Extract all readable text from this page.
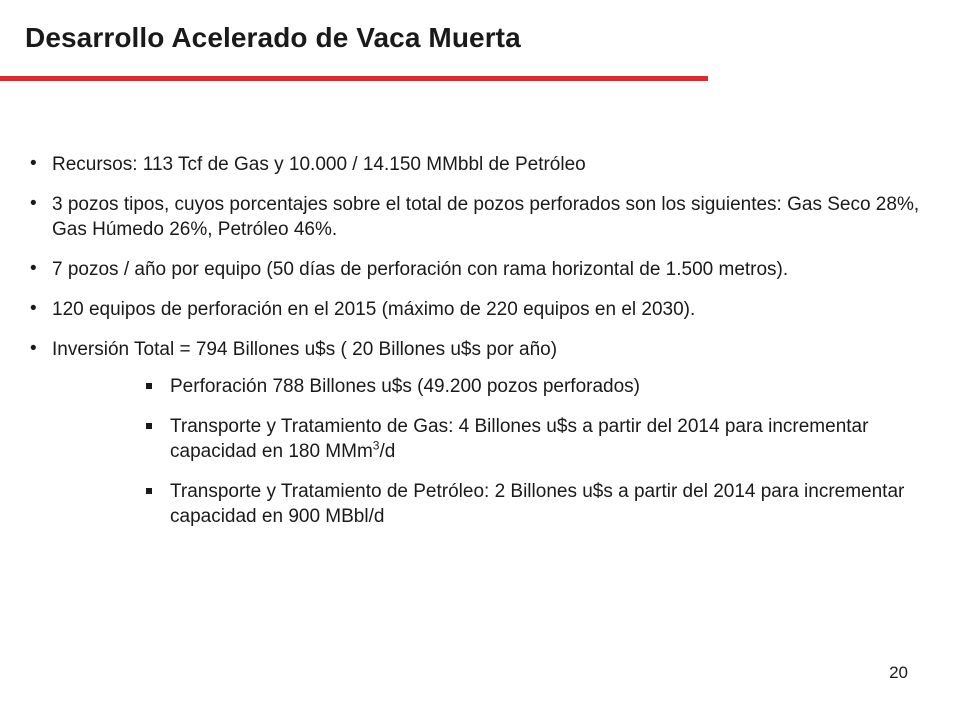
Desarrollo Acelerado de Vaca Muerta
• Recursos: 113 Tcf de Gas y 10.000 / 14.150 MMbbl de Petróleo
• 3 pozos tipos, cuyos porcentajes sobre el total de pozos perforados son los siguientes: Gas Seco 28%, Gas Húmedo 26%, Petróleo 46%.
• 7 pozos / año por equipo (50 días de perforación con rama horizontal de 1.500 metros).
• 120 equipos de perforación en el 2015 (máximo de 220 equipos en el 2030).
• Inversión Total = 794 Billones u$s ( 20 Billones u$s por año)
Perforación 788 Billones u$s (49.200 pozos perforados)
Transporte y Tratamiento de Gas: 4 Billones u$s a partir del 2014 para incrementar capacidad en 180 MMm$^3$/d
Transporte y Tratamiento de Petróleo: 2 Billones u$s a partir del 2014 para incrementar capacidad en 900 MBbl/d
20
